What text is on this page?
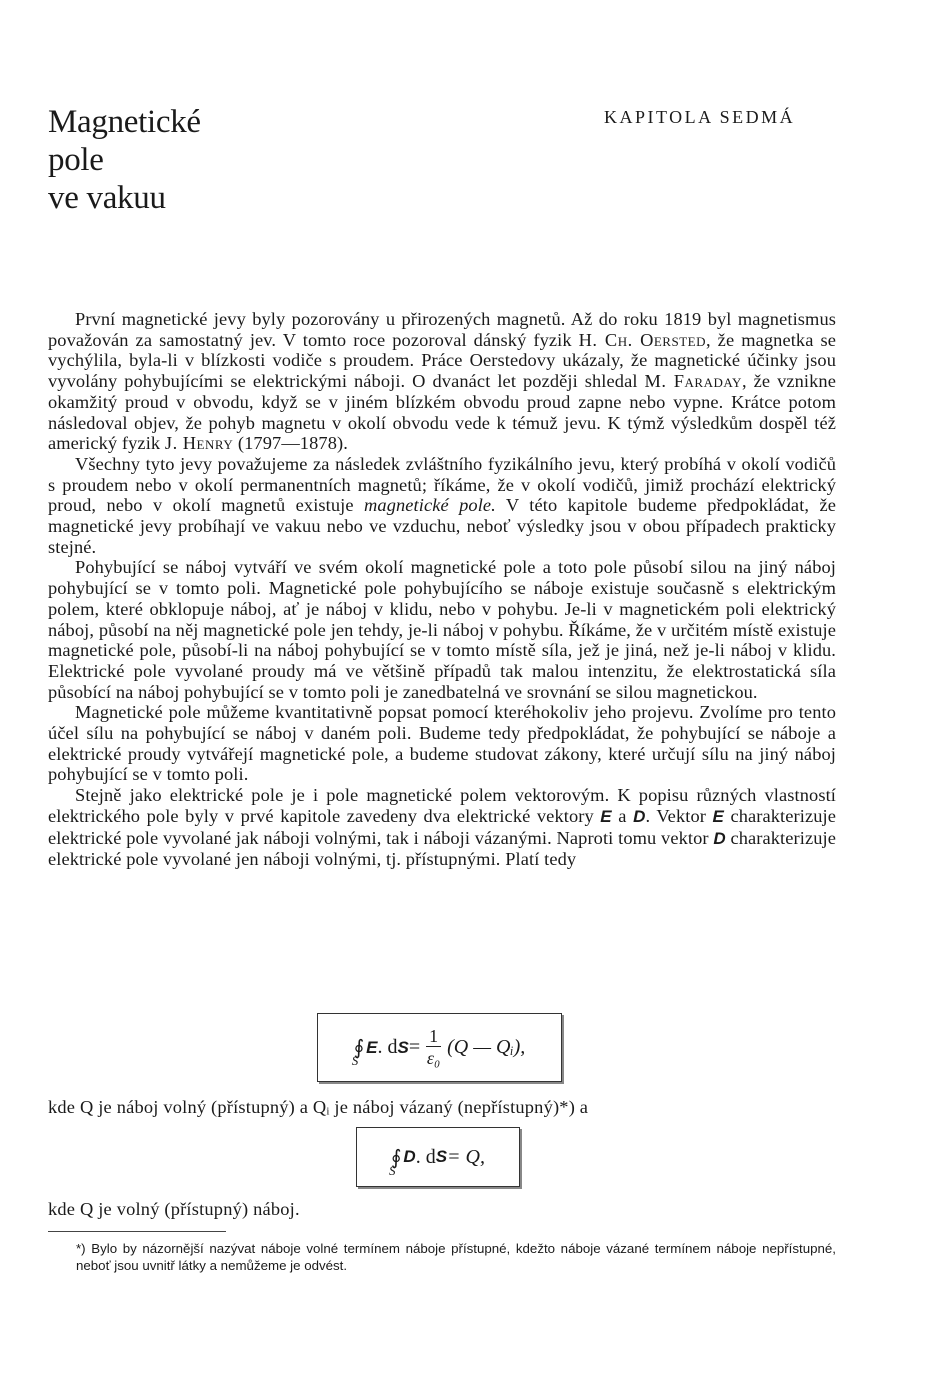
Magnetické
pole
ve vakuu
KAPITOLA SEDMÁ

První magnetické jevy byly pozorovány u přirozených magnetů. Až do roku 1819 byl magnetismus považován za samostatný jev. V tomto roce pozoroval dánský fyzik H. Ch. Oersted, že magnetka se vychýlila, byla-li v blízkosti vodiče s proudem. Práce Oerstedovy ukázaly, že magnetické účinky jsou vyvolány pohybujícími se elektrickými náboji. O dvanáct let později shledal M. Faraday, že vznikne okamžitý proud v obvodu, když se v jiném blízkém obvodu proud zapne nebo vypne. Krátce potom následoval objev, že pohyb magnetu v okolí obvodu vede k témuž jevu. K týmž výsledkům dospěl též americký fyzik J. Henry (1797—1878).

Všechny tyto jevy považujeme za následek zvláštního fyzikálního jevu, který probíhá v okolí vodičů s proudem nebo v okolí permanentních magnetů; říkáme, že v okolí vodičů, jimiž prochází elektrický proud, nebo v okolí magnetů existuje magnetické pole. V této kapitole budeme předpokládat, že magnetické jevy probíhají ve vakuu nebo ve vzduchu, neboť výsledky jsou v obou případech prakticky stejné.

Pohybující se náboj vytváří ve svém okolí magnetické pole a toto pole působí silou na jiný náboj pohybující se v tomto poli. Magnetické pole pohybujícího se náboje existuje současně s elektrickým polem, které obklopuje náboj, ať je náboj v klidu, nebo v pohybu. Je-li v magnetickém poli elektrický náboj, působí na něj magnetické pole jen tehdy, je-li náboj v pohybu. Říkáme, že v určitém místě existuje magnetické pole, působí-li na náboj pohybující se v tomto místě síla, jež je jiná, než je-li náboj v klidu. Elektrické pole vyvolané proudy má ve většině případů tak malou intenzitu, že elektrostatická síla působící na náboj pohybující se v tomto poli je zanedbatelná ve srovnání se silou magnetickou.

Magnetické pole můžeme kvantitativně popsat pomocí kteréhokoliv jeho projevu. Zvolíme pro tento účel sílu na pohybující se náboj v daném poli. Budeme tedy předpokládat, že pohybující se náboje a elektrické proudy vytvářejí magnetické pole, a budeme studovat zákony, které určují sílu na jiný náboj pohybující se v tomto poli.

Stejně jako elektrické pole je i pole magnetické polem vektorovým. K popisu různých vlastností elektrického pole byly v prvé kapitole zavedeny dva elektrické vektory E a D. Vektor E charakterizuje elektrické pole vyvolané jak náboji volnými, tak i náboji vázanými. Naproti tomu vektor D charakterizuje elektrické pole vyvolané jen náboji volnými, tj. přístupnými. Platí tedy

∮
S
E . d $S = \frac{1}{\text{ε₀}} (Q$ — Qᵢ),
kde Q je náboj volný (přístupný) a Qᵢ je náboj vázaný (nepřístupný)*) a
∮
S
D . d S = Q,
kde Q je volný (přístupný) náboj.
*) Bylo by názornější nazývat náboje volné termínem náboje přístupné, kdežto náboje vázané termínem náboje nepřístupné, neboť jsou uvnitř látky a nemůžeme je odvést.
